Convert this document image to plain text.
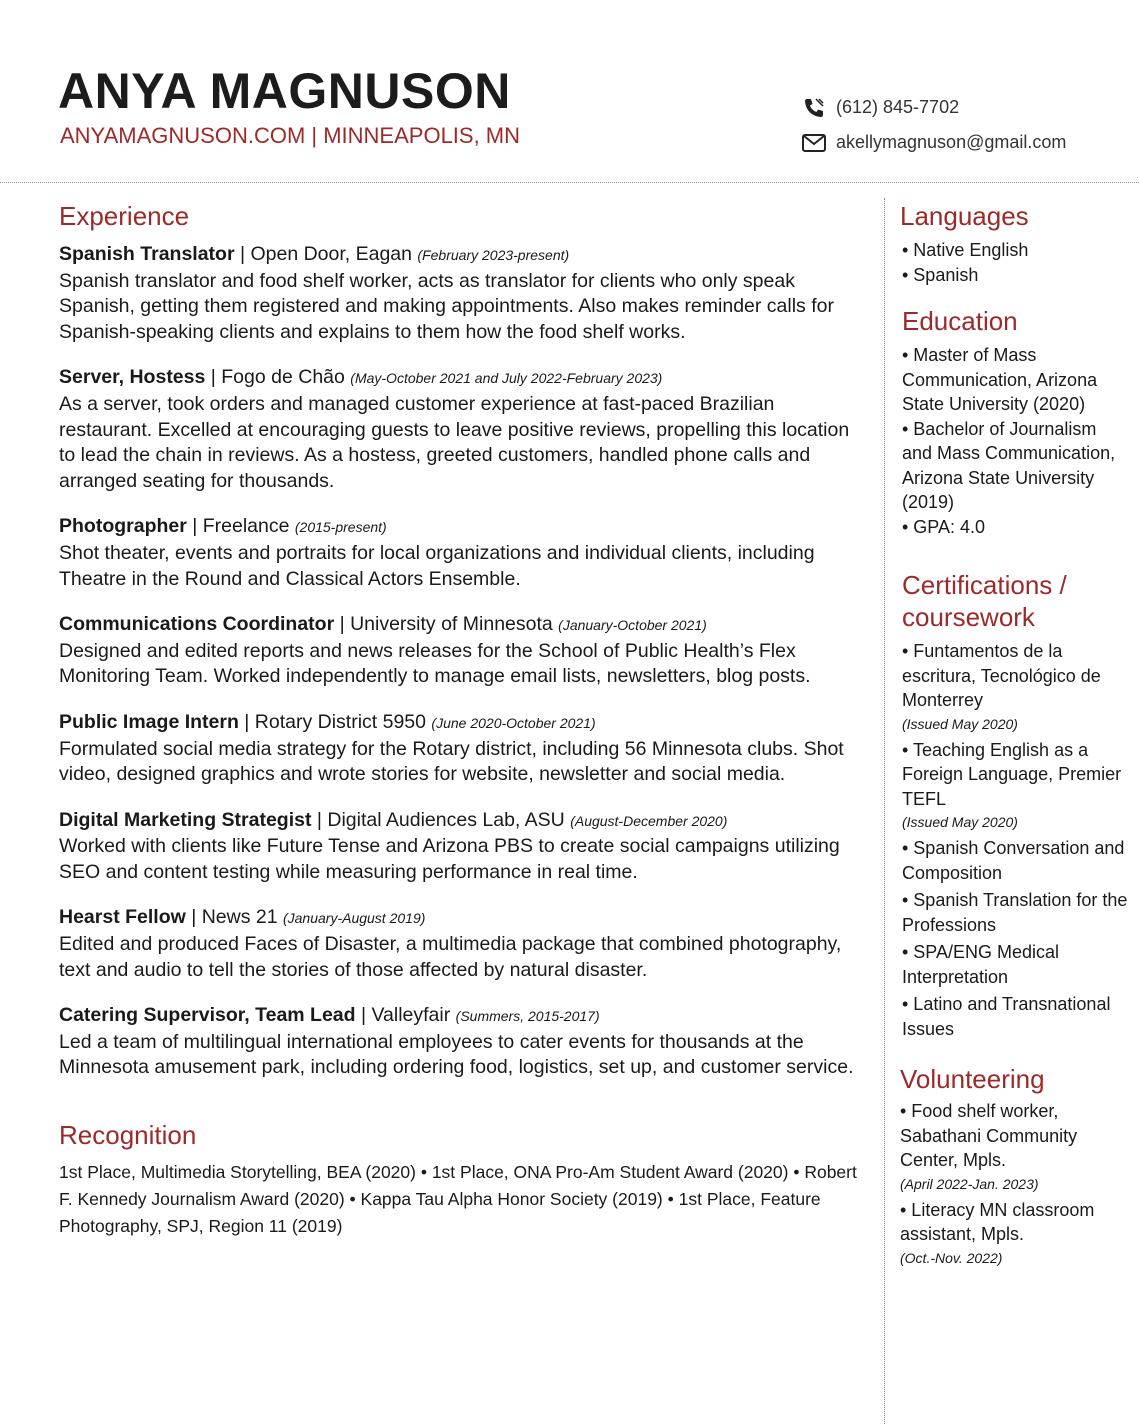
ANYA MAGNUSON

ANYAMAGNUSON.COM | MINNEAPOLIS, MN

(612) 845-7702
akellymagnuson@gmail.com
Experience
Spanish Translator | Open Door, Eagan (February 2023-present)
Spanish translator and food shelf worker, acts as translator for clients who only speak Spanish, getting them registered and making appointments. Also makes reminder calls for Spanish-speaking clients and explains to them how the food shelf works.
Server, Hostess | Fogo de Chão (May-October 2021 and July 2022-February 2023)
As a server, took orders and managed customer experience at fast-paced Brazilian restaurant. Excelled at encouraging guests to leave positive reviews, propelling this location to lead the chain in reviews. As a hostess, greeted customers, handled phone calls and arranged seating for thousands.
Photographer | Freelance (2015-present)
Shot theater, events and portraits for local organizations and individual clients, including Theatre in the Round and Classical Actors Ensemble.
Communications Coordinator | University of Minnesota (January-October 2021)
Designed and edited reports and news releases for the School of Public Health’s Flex Monitoring Team. Worked independently to manage email lists, newsletters, blog posts.
Public Image Intern | Rotary District 5950 (June 2020-October 2021)
Formulated social media strategy for the Rotary district, including 56 Minnesota clubs. Shot video, designed graphics and wrote stories for website, newsletter and social media.
Digital Marketing Strategist | Digital Audiences Lab, ASU (August-December 2020)
Worked with clients like Future Tense and Arizona PBS to create social campaigns utilizing SEO and content testing while measuring performance in real time.
Hearst Fellow | News 21 (January-August 2019)
Edited and produced Faces of Disaster, a multimedia package that combined photography, text and audio to tell the stories of those affected by natural disaster.
Catering Supervisor, Team Lead | Valleyfair (Summers, 2015-2017)
Led a team of multilingual international employees to cater events for thousands at the Minnesota amusement park, including ordering food, logistics, set up, and customer service.
Recognition
1st Place, Multimedia Storytelling, BEA (2020) • 1st Place, ONA Pro-Am Student Award (2020) • Robert F. Kennedy Journalism Award (2020) • Kappa Tau Alpha Honor Society (2019) • 1st Place, Feature Photography, SPJ, Region 11 (2019)
Languages
• Native English
• Spanish
Education
• Master of Mass Communication, Arizona State University (2020)
• Bachelor of Journalism and Mass Communication, Arizona State University (2019)
• GPA: 4.0
Certifications / coursework
• Funtamentos de la escritura, Tecnológico de Monterrey
(Issued May 2020)
• Teaching English as a Foreign Language, Premier TEFL
(Issued May 2020)
• Spanish Conversation and Composition
• Spanish Translation for the Professions
• SPA/ENG Medical Interpretation
• Latino and Transnational Issues
Volunteering
• Food shelf worker, Sabathani Community Center, Mpls.
(April 2022-Jan. 2023)
• Literacy MN classroom assistant, Mpls.
(Oct.-Nov. 2022)
